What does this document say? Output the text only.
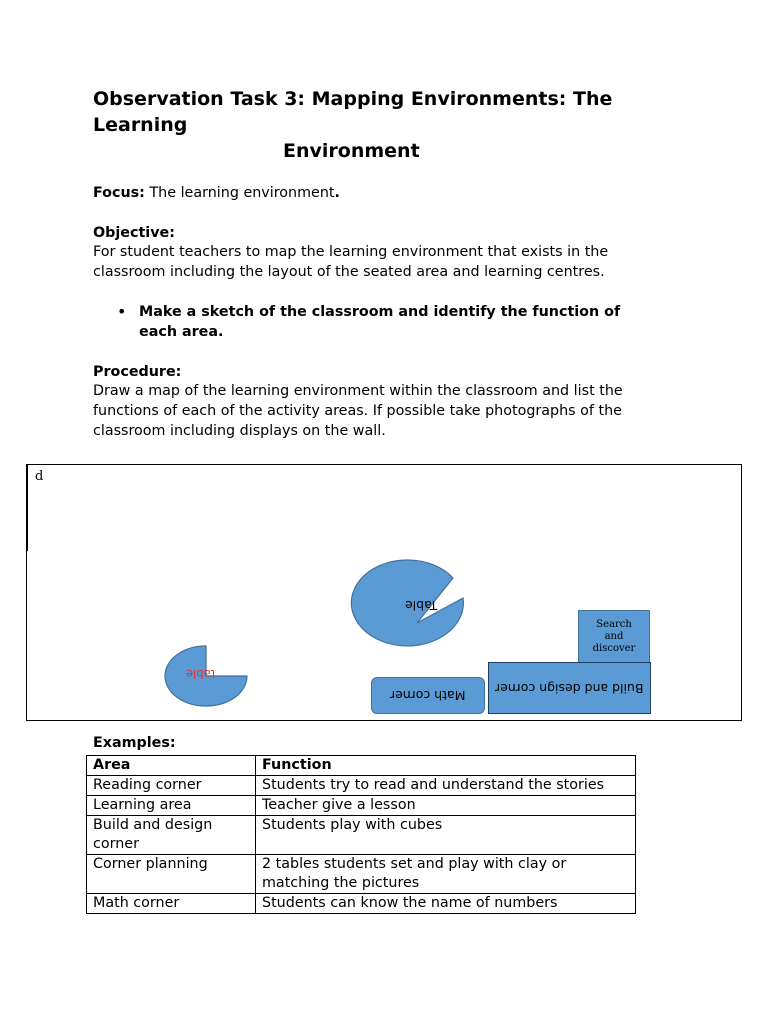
Observation Task 3: Mapping Environments: The
Learning
Environment
Focus: The learning environment.
Objective:
For student teachers to map the learning environment that exists in the
classroom including the layout of the seated area and learning centres.
• Make a sketch of the classroom and identify the function of
each area.
Procedure:
Draw a map of the learning environment within the classroom and list the
functions of each of the activity areas. If possible take photographs of the
classroom including displays on the wall.
d
table
Table
Search
and
discover
Math corner Build and design corner
Examples:
Area	Function
Reading corner	Students try to read and understand the stories
Learning area	Teacher give a lesson
Build and design corner	Students play with cubes
Corner planning	2 tables students set and play with clay or matching the pictures
Math corner	Students can know the name of numbers
